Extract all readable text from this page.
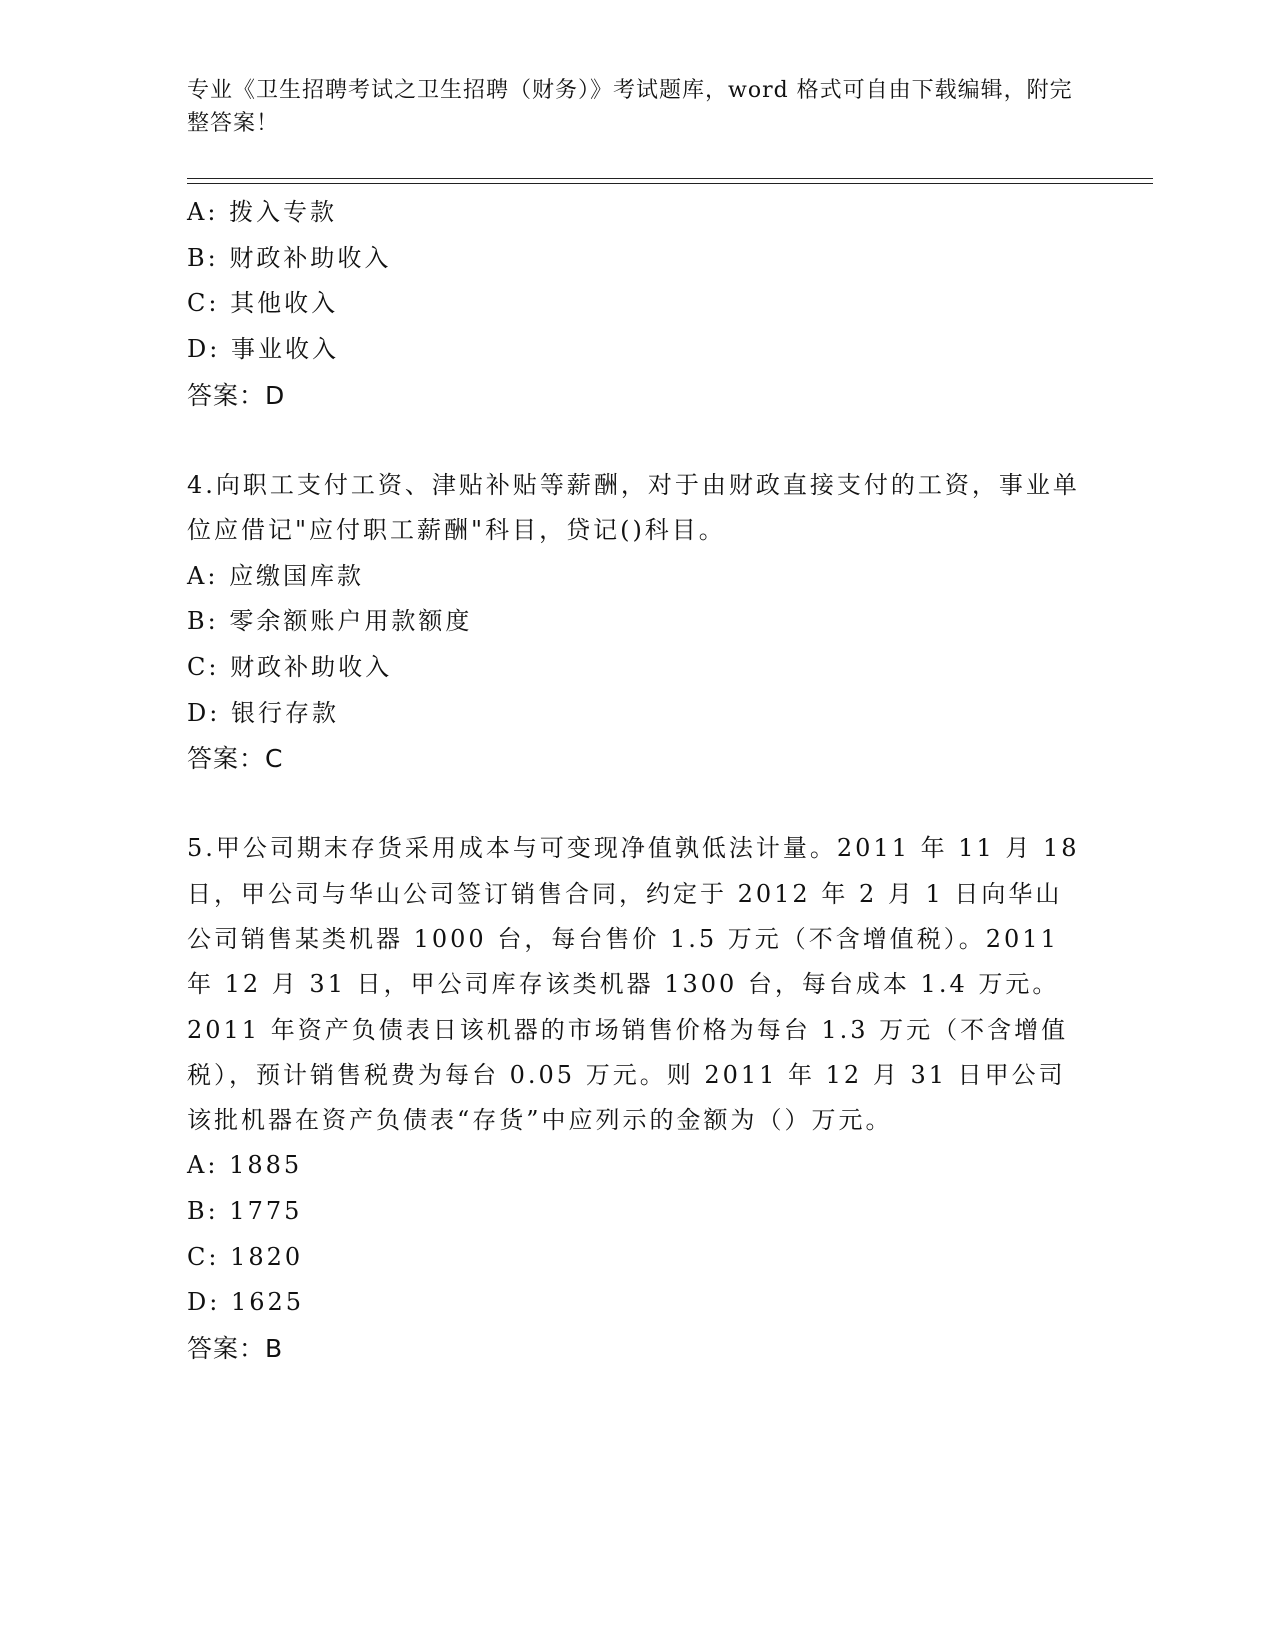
专业《卫生招聘考试之卫生招聘（财务）》考试题库，word 格式可自由下载编辑，附完整答案！
A: 拨入专款
B: 财政补助收入
C: 其他收入
D: 事业收入
答案：D
4.向职工支付工资、津贴补贴等薪酬，对于由财政直接支付的工资，事业单位应借记"应付职工薪酬"科目，贷记()科目。
A: 应缴国库款
B: 零余额账户用款额度
C: 财政补助收入
D: 银行存款
答案：C
5.甲公司期末存货采用成本与可变现净值孰低法计量。2011 年 11 月 18 日，甲公司与华山公司签订销售合同，约定于 2012 年 2 月 1 日向华山公司销售某类机器 1000 台，每台售价 1.5 万元（不含增值税）。2011 年 12 月 31 日，甲公司库存该类机器 1300 台，每台成本 1.4 万元。2011 年资产负债表日该机器的市场销售价格为每台 1.3 万元（不含增值税），预计销售税费为每台 0.05 万元。则 2011 年 12 月 31 日甲公司该批机器在资产负债表“存货”中应列示的金额为（）万元。
A: 1885
B: 1775
C: 1820
D: 1625
答案：B
